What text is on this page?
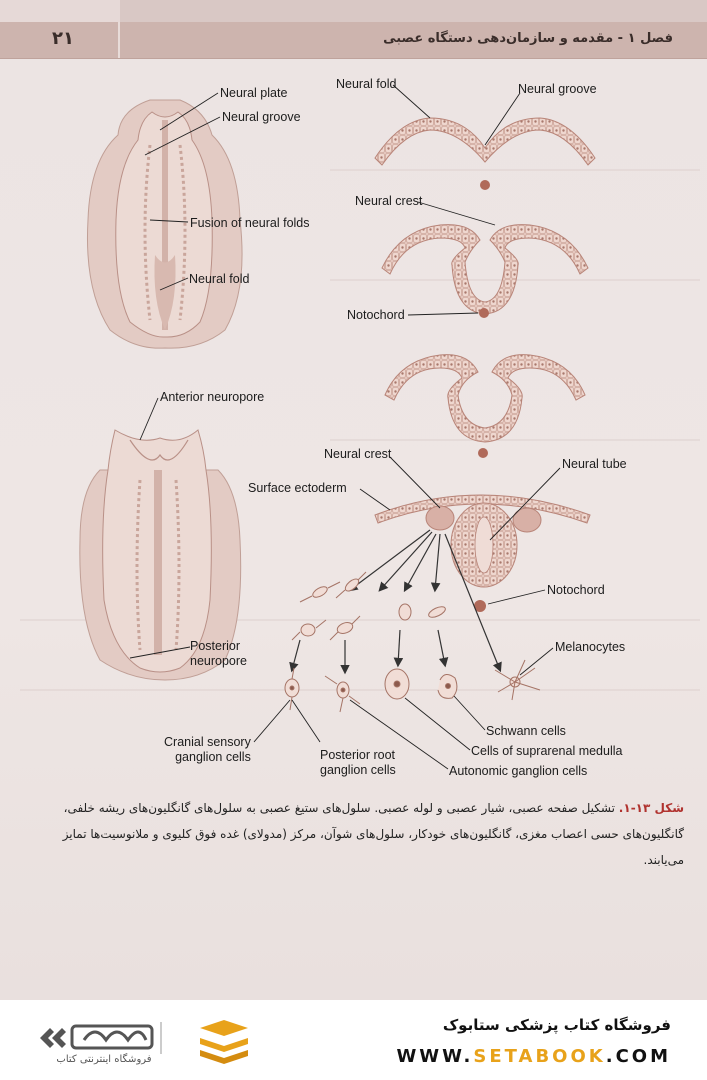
۲۱	فصل ۱ - مقدمه و سازمان‌دهی دستگاه عصبی
Neural plate
Neural groove
Fusion of neural folds
Neural fold
Anterior neuropore
Posterior
neuropore
Neural fold	Neural groove
Neural crest
Notochord
Neural crest
Neural tube
Surface ectoderm
Notochord
Melanocytes
Schwann cells
Cells of suprarenal medulla
Autonomic ganglion cells
Cranial sensory
ganglion cells	Posterior root
ganglion cells
شکل ۱۳-۱. تشکیل صفحه عصبی، شیار عصبی و لوله عصبی. سلول‌های ستیغ عصبی به سلول‌های گانگلیون‌های ریشه خلفی، گانگلیون‌های حسی اعصاب مغزی، گانگلیون‌های خودکار، سلول‌های شوآن، مرکز (مدولای) غده فوق کلیوی و ملانوسیت‌ها تمایز می‌یابند.
فروشگاه اینترنتی کتاب
فروشگاه کتاب پزشکی ستابوک
WWW.SETABOOK.COM
